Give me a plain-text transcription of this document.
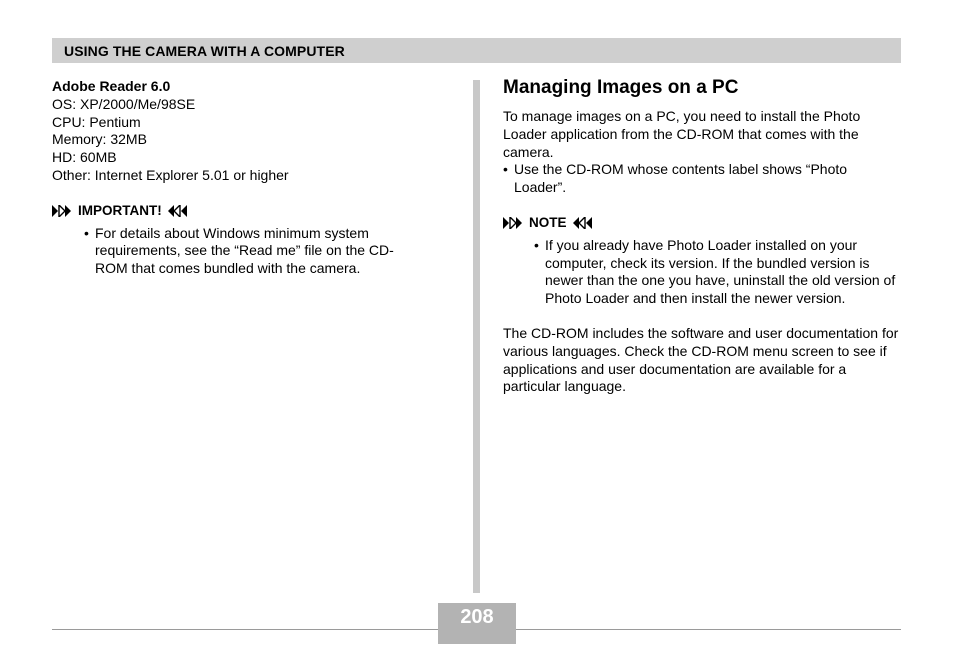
USING THE CAMERA WITH A COMPUTER
Adobe Reader 6.0
OS: XP/2000/Me/98SE
CPU: Pentium
Memory: 32MB
HD: 60MB
Other: Internet Explorer 5.01 or higher
IMPORTANT!
• For details about Windows minimum system requirements, see the “Read me” file on the CD-ROM that comes bundled with the camera.
Managing Images on a PC

To manage images on a PC, you need to install the Photo Loader application from the CD-ROM that comes with the camera.

• Use the CD-ROM whose contents label shows “Photo Loader”.
NOTE
• If you already have Photo Loader installed on your computer, check its version. If the bundled version is newer than the one you have, uninstall the old version of Photo Loader and then install the newer version.

The CD-ROM includes the software and user documentation for various languages. Check the CD-ROM menu screen to see if applications and user documentation are available for a particular language.

208
